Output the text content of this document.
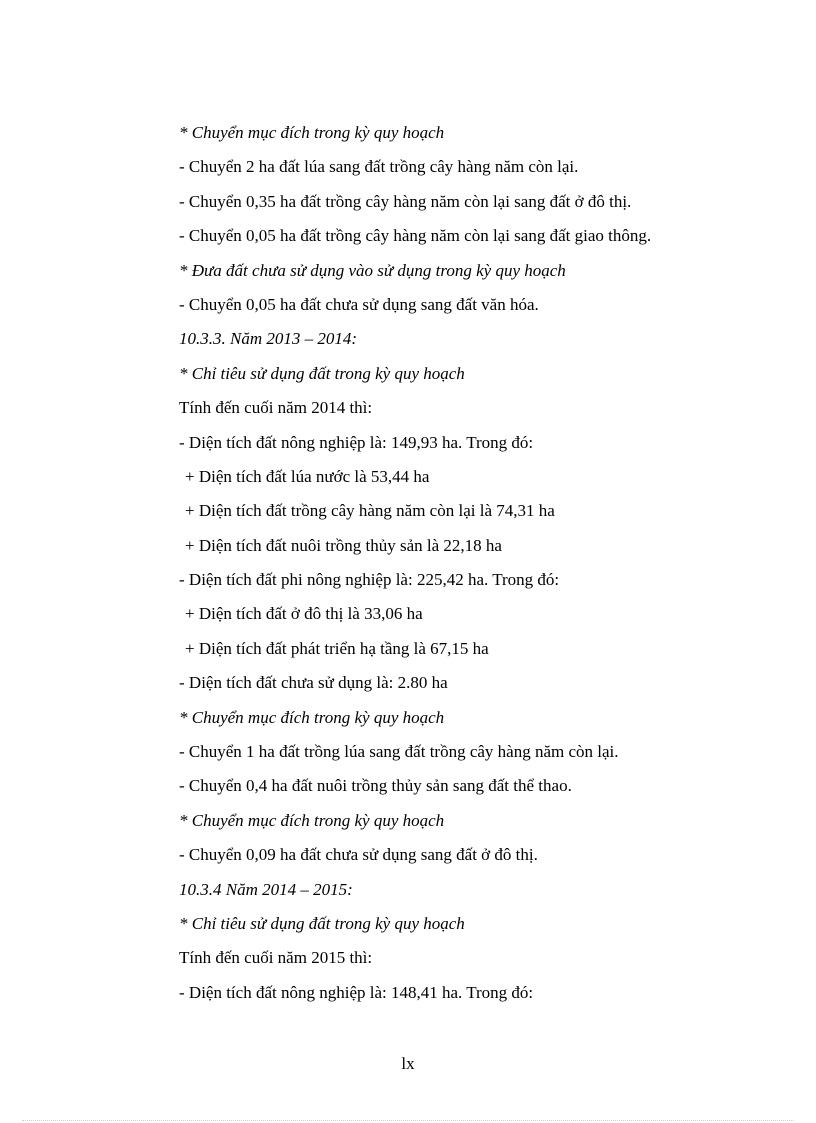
* Chuyển mục đích trong kỳ quy hoạch
- Chuyển 2 ha đất lúa sang đất trồng cây hàng năm còn lại.
- Chuyển 0,35 ha đất trồng cây hàng năm còn lại sang đất ở đô thị.
- Chuyển 0,05 ha đất trồng cây hàng năm còn lại sang đất giao thông.
* Đưa đất chưa sử dụng vào sử dụng trong kỳ quy hoạch
- Chuyển 0,05 ha đất chưa sử dụng sang đất văn hóa.
10.3.3. Năm 2013 – 2014:
* Chỉ tiêu sử dụng đất trong kỳ quy hoạch
Tính đến cuối năm 2014 thì:
- Diện tích đất nông nghiệp là: 149,93 ha. Trong đó:
+ Diện tích đất lúa nước là 53,44 ha
+ Diện tích đất trồng cây hàng năm còn lại là 74,31 ha
+ Diện tích đất nuôi trồng thủy sản là 22,18 ha
- Diện tích đất phi nông nghiệp là: 225,42 ha. Trong đó:
+ Diện tích đất ở đô thị là 33,06 ha
+ Diện tích đất phát triển hạ tầng là 67,15 ha
- Diện tích đất chưa sử dụng là: 2.80 ha
* Chuyển mục đích trong kỳ quy hoạch
- Chuyển 1 ha đất trồng lúa sang đất trồng cây hàng năm còn lại.
- Chuyển 0,4 ha đất nuôi trồng thủy sản sang đất thể thao.
* Chuyển mục đích trong kỳ quy hoạch
- Chuyển 0,09 ha đất chưa sử dụng sang đất ở đô thị.
10.3.4 Năm 2014 – 2015:
* Chỉ tiêu sử dụng đất trong kỳ quy hoạch
Tính đến cuối năm 2015 thì:
- Diện tích đất nông nghiệp là: 148,41 ha. Trong đó:
lx
